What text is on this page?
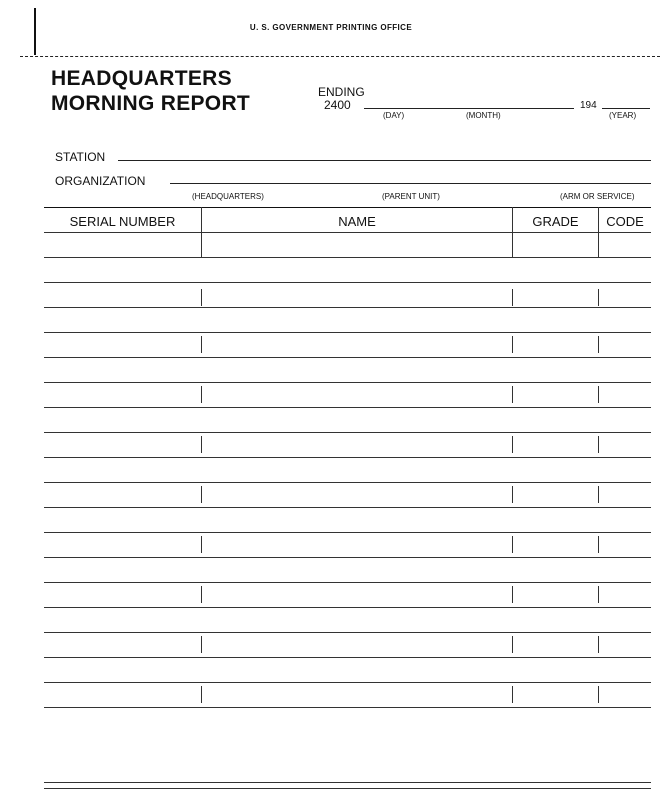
U. S. GOVERNMENT PRINTING OFFICE
HEADQUARTERS
MORNING REPORT	ENDING
2400
(DAY)	(MONTH)
194
(YEAR)
STATION
ORGANIZATION
(HEADQUARTERS)	(PARENT UNIT)	(ARM OR SERVICE)
SERIAL NUMBER	NAME	GRADE	CODE
